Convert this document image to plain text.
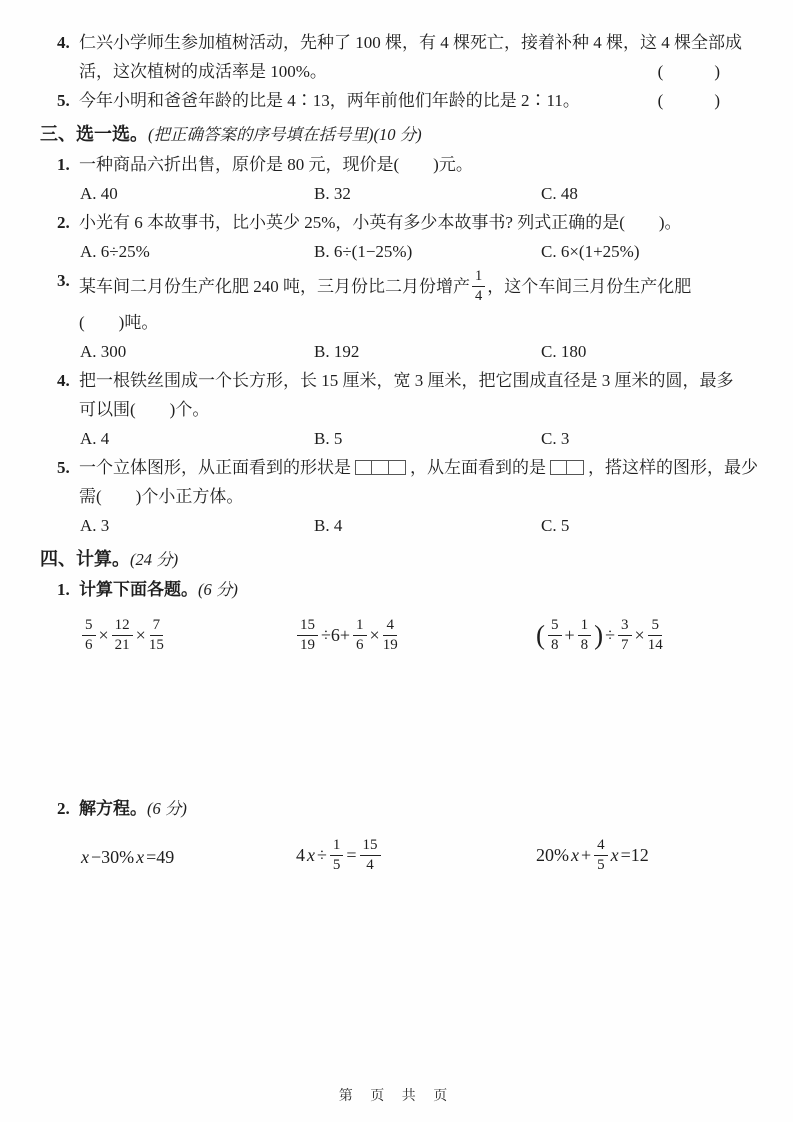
4. 仁兴小学师生参加植树活动，先种了 100 棵，有 4 棵死亡，接着补种 4 棵，这 4 棵全部成
活，这次植树的成活率是 100%。	(　　　)
5. 今年小明和爸爸年龄的比是 4∶13，两年前他们年龄的比是 2∶11。	(　　　)
三、选一选。(把正确答案的序号填在括号里)(10 分)
1. 一种商品六折出售，原价是 80 元，现价是(　　)元。
A. 40	B. 32	C. 48
2. 小光有 6 本故事书，比小英少 25%，小英有多少本故事书? 列式正确的是(　　)。
A. 6÷25%	B. 6÷(1−25%)	C. 6×(1+25%)
3. 某车间二月份生产化肥 240 吨，三月份比二月份增产 $\frac{1}{4}$ ，这个车间三月份生产化肥
(　　)吨。
A. 300	B. 192	C. 180
4. 把一根铁丝围成一个长方形，长 15 厘米，宽 3 厘米，把它围成直径是 3 厘米的圆，最多
可以围(　　)个。
A. 4	B. 5	C. 3
5. 一个立体图形，从正面看到的形状是	，从左面看到的是 ，搭这样的图形，最少
需(　　)个小正方体。
A. 3	B. 4	C. 5
四、计算。(24 分)
1. 计算下面各题。(6 分)
$\frac{5}{6} \times \frac{12}{21} \times \frac{7}{15}$	$\frac{15}{19} \div 6+ \frac{1}{6} \times \frac{4}{19}$	( $\frac{5}{8} + \frac{1}{8}$ ) ÷ $\frac{3}{7} \times \frac{5}{14}$
2. 解方程。(6 分)
x −30% x =49	4 $x \div \frac{1}{5} = \frac{15}{4}$	20% $x + \frac{4}{5}$ x =12
第 页 共 页
